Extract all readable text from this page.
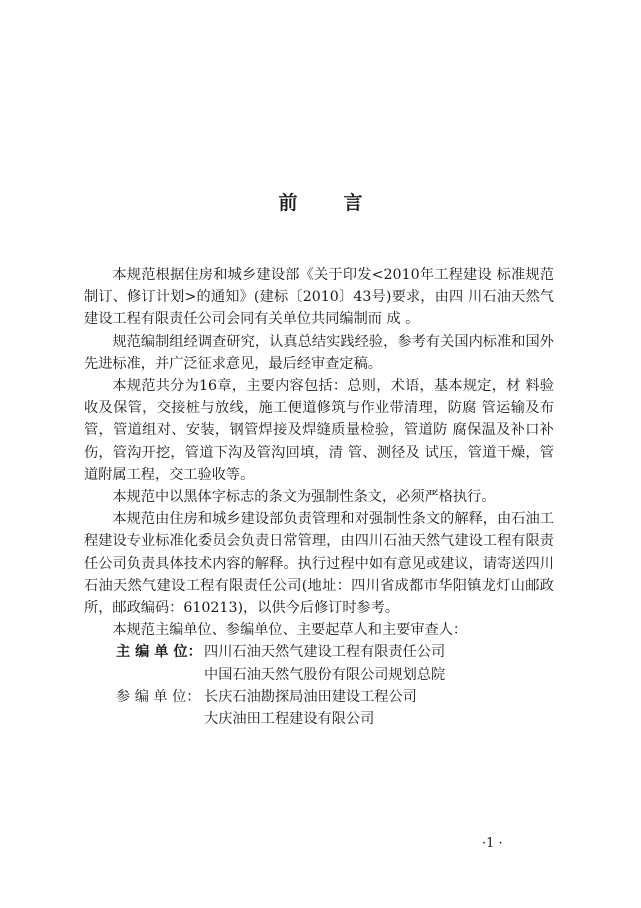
前 言

本规范根据住房和城乡建设部《关于印发<2010年工程建设 标准规范制订、修订计划>的通知》(建标〔2010〕43号)要求，由四 川石油天然气建设工程有限责任公司会同有关单位共同编制而 成 。

规范编制组经调查研究，认真总结实践经验，参考有关国内标准和国外先进标准，并广泛征求意见，最后经审查定稿。

本规范共分为16章，主要内容包括：总则，术语，基本规定，材 料验收及保管，交接桩与放线，施工便道修筑与作业带清理，防腐 管运输及布管，管道组对、安装，钢管焊接及焊缝质量检验，管道防 腐保温及补口补伤，管沟开挖，管道下沟及管沟回填，清 管、测径及 试压，管道干燥，管道附属工程，交工验收等。

本规范中以黑体字标志的条文为强制性条文，必须严格执行。

本规范由住房和城乡建设部负责管理和对强制性条文的解释，由石油工程建设专业标准化委员会负责日常管理，由四川石油天然气建设工程有限责任公司负责具体技术内容的解释。执行过程中如有意见或建议，请寄送四川石油天然气建设工程有限责任公司(地址：四川省成都市华阳镇龙灯山邮政所，邮政编码：610213)，以供今后修订时参考。

本规范主编单位、参编单位、主要起草人和主要审查人：

主 编 单 位： 四川石油天然气建设工程有限责任公司
中国石油天然气股份有限公司规划总院
参 编 单 位： 长庆石油勘探局油田建设工程公司
大庆油田工程建设有限公司
·1 ·
